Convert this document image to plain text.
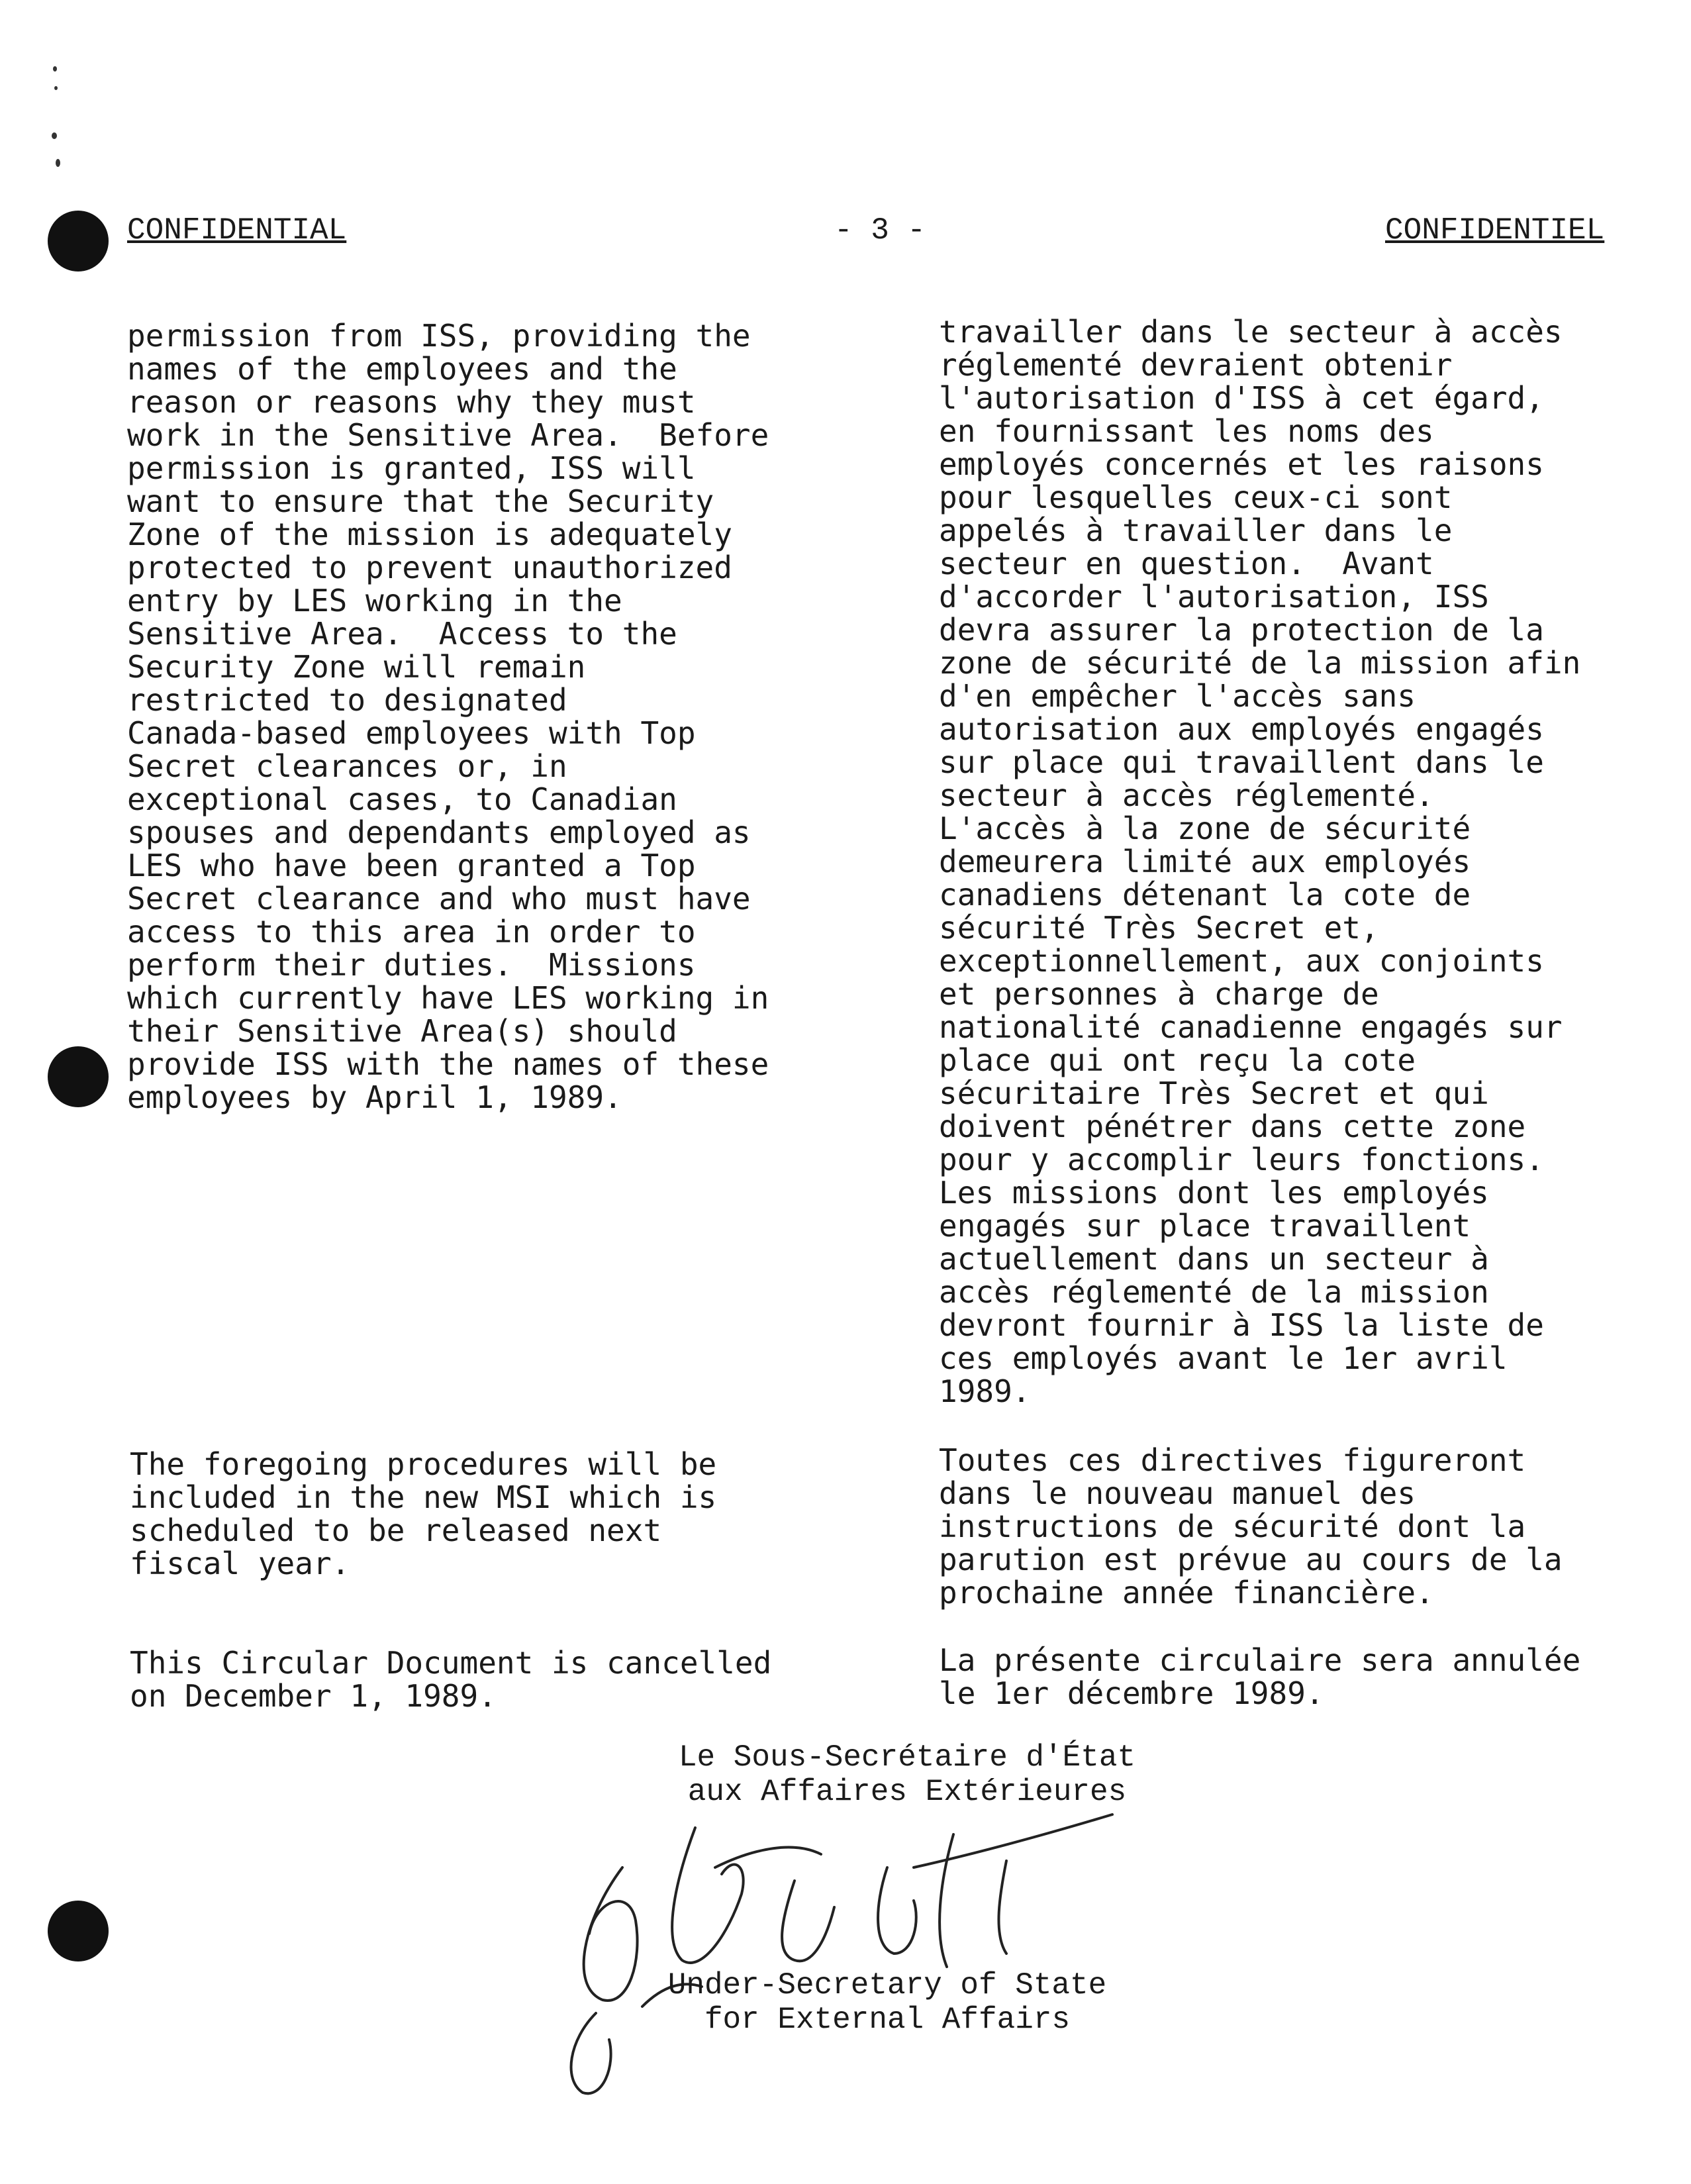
CONFIDENTIAL	- 3 -	CONFIDENTIEL
permission from ISS, providing the
names of the employees and the
reason or reasons why they must
work in the Sensitive Area.  Before
permission is granted, ISS will
want to ensure that the Security
Zone of the mission is adequately
protected to prevent unauthorized
entry by LES working in the
Sensitive Area.  Access to the
Security Zone will remain
restricted to designated
Canada-based employees with Top
Secret clearances or, in
exceptional cases, to Canadian
spouses and dependants employed as
LES who have been granted a Top
Secret clearance and who must have
access to this area in order to
perform their duties.  Missions
which currently have LES working in
their Sensitive Area(s) should
provide ISS with the names of these
employees by April 1, 1989.
travailler dans le secteur à accès
réglementé devraient obtenir
l'autorisation d'ISS à cet égard,
en fournissant les noms des
employés concernés et les raisons
pour lesquelles ceux-ci sont
appelés à travailler dans le
secteur en question.  Avant
d'accorder l'autorisation, ISS
devra assurer la protection de la
zone de sécurité de la mission afin
d'en empêcher l'accès sans
autorisation aux employés engagés
sur place qui travaillent dans le
secteur à accès réglementé.
L'accès à la zone de sécurité
demeurera limité aux employés
canadiens détenant la cote de
sécurité Très Secret et,
exceptionnellement, aux conjoints
et personnes à charge de
nationalité canadienne engagés sur
place qui ont reçu la cote
sécuritaire Très Secret et qui
doivent pénétrer dans cette zone
pour y accomplir leurs fonctions.
Les missions dont les employés
engagés sur place travaillent
actuellement dans un secteur à
accès réglementé de la mission
devront fournir à ISS la liste de
ces employés avant le 1er avril
1989.
The foregoing procedures will be
included in the new MSI which is
scheduled to be released next
fiscal year.
Toutes ces directives figureront
dans le nouveau manuel des
instructions de sécurité dont la
parution est prévue au cours de la
prochaine année financière.
This Circular Document is cancelled
on December 1, 1989.
La présente circulaire sera annulée
le 1er décembre 1989.
Le Sous-Secrétaire d'État
aux Affaires Extérieures
Under-Secretary of State
for External Affairs
